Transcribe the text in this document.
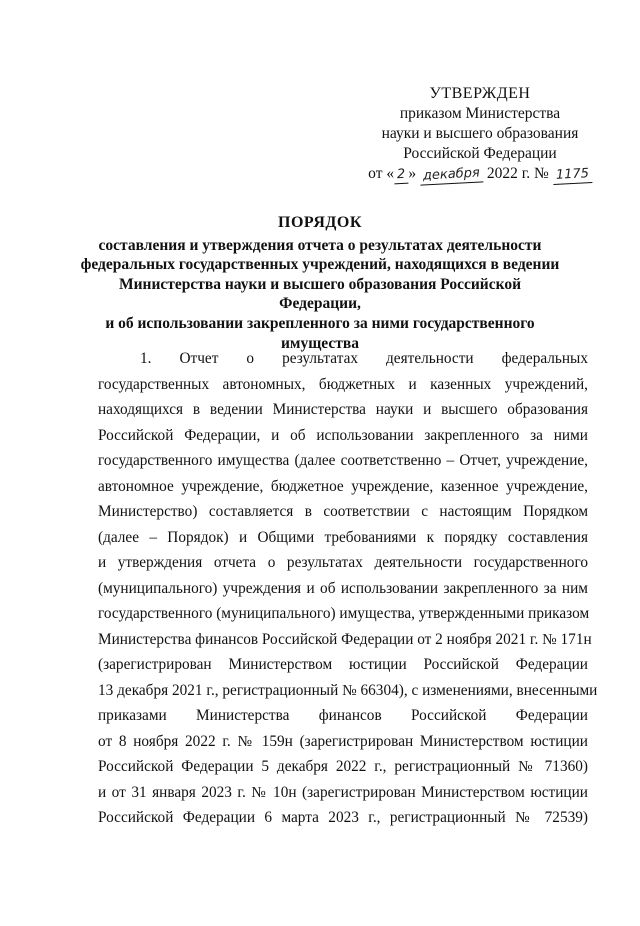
УТВЕРЖДЕН
приказом Министерства
науки и высшего образования
Российской Федерации
от « 2 » декабря 2022 г. № 1175
ПОРЯДОК
составления и утверждения отчета о результатах деятельности
федеральных государственных учреждений, находящихся в ведении
Министерства науки и высшего образования Российской Федерации,
и об использовании закрепленного за ними государственного
имущества
1. Отчет о результатах деятельности федеральных
государственных автономных, бюджетных и казенных учреждений,
находящихся в ведении Министерства науки и высшего образования
Российской Федерации, и об использовании закрепленного за ними
государственного имущества (далее соответственно – Отчет, учреждение,
автономное учреждение, бюджетное учреждение, казенное учреждение,
Министерство) составляется в соответствии с настоящим Порядком
(далее – Порядок) и Общими требованиями к порядку составления
и утверждения отчета о результатах деятельности государственного
(муниципального) учреждения и об использовании закрепленного за ним
государственного (муниципального) имущества, утвержденными приказом
Министерства финансов Российской Федерации от 2 ноября 2021 г. № 171н
(зарегистрирован Министерством юстиции Российской Федерации
13 декабря 2021 г., регистрационный № 66304), с изменениями, внесенными
приказами Министерства финансов Российской Федерации
от 8 ноября 2022 г. № 159н (зарегистрирован Министерством юстиции
Российской Федерации 5 декабря 2022 г., регистрационный № 71360)
и от 31 января 2023 г. № 10н (зарегистрирован Министерством юстиции
Российской Федерации 6 марта 2023 г., регистрационный № 72539)
